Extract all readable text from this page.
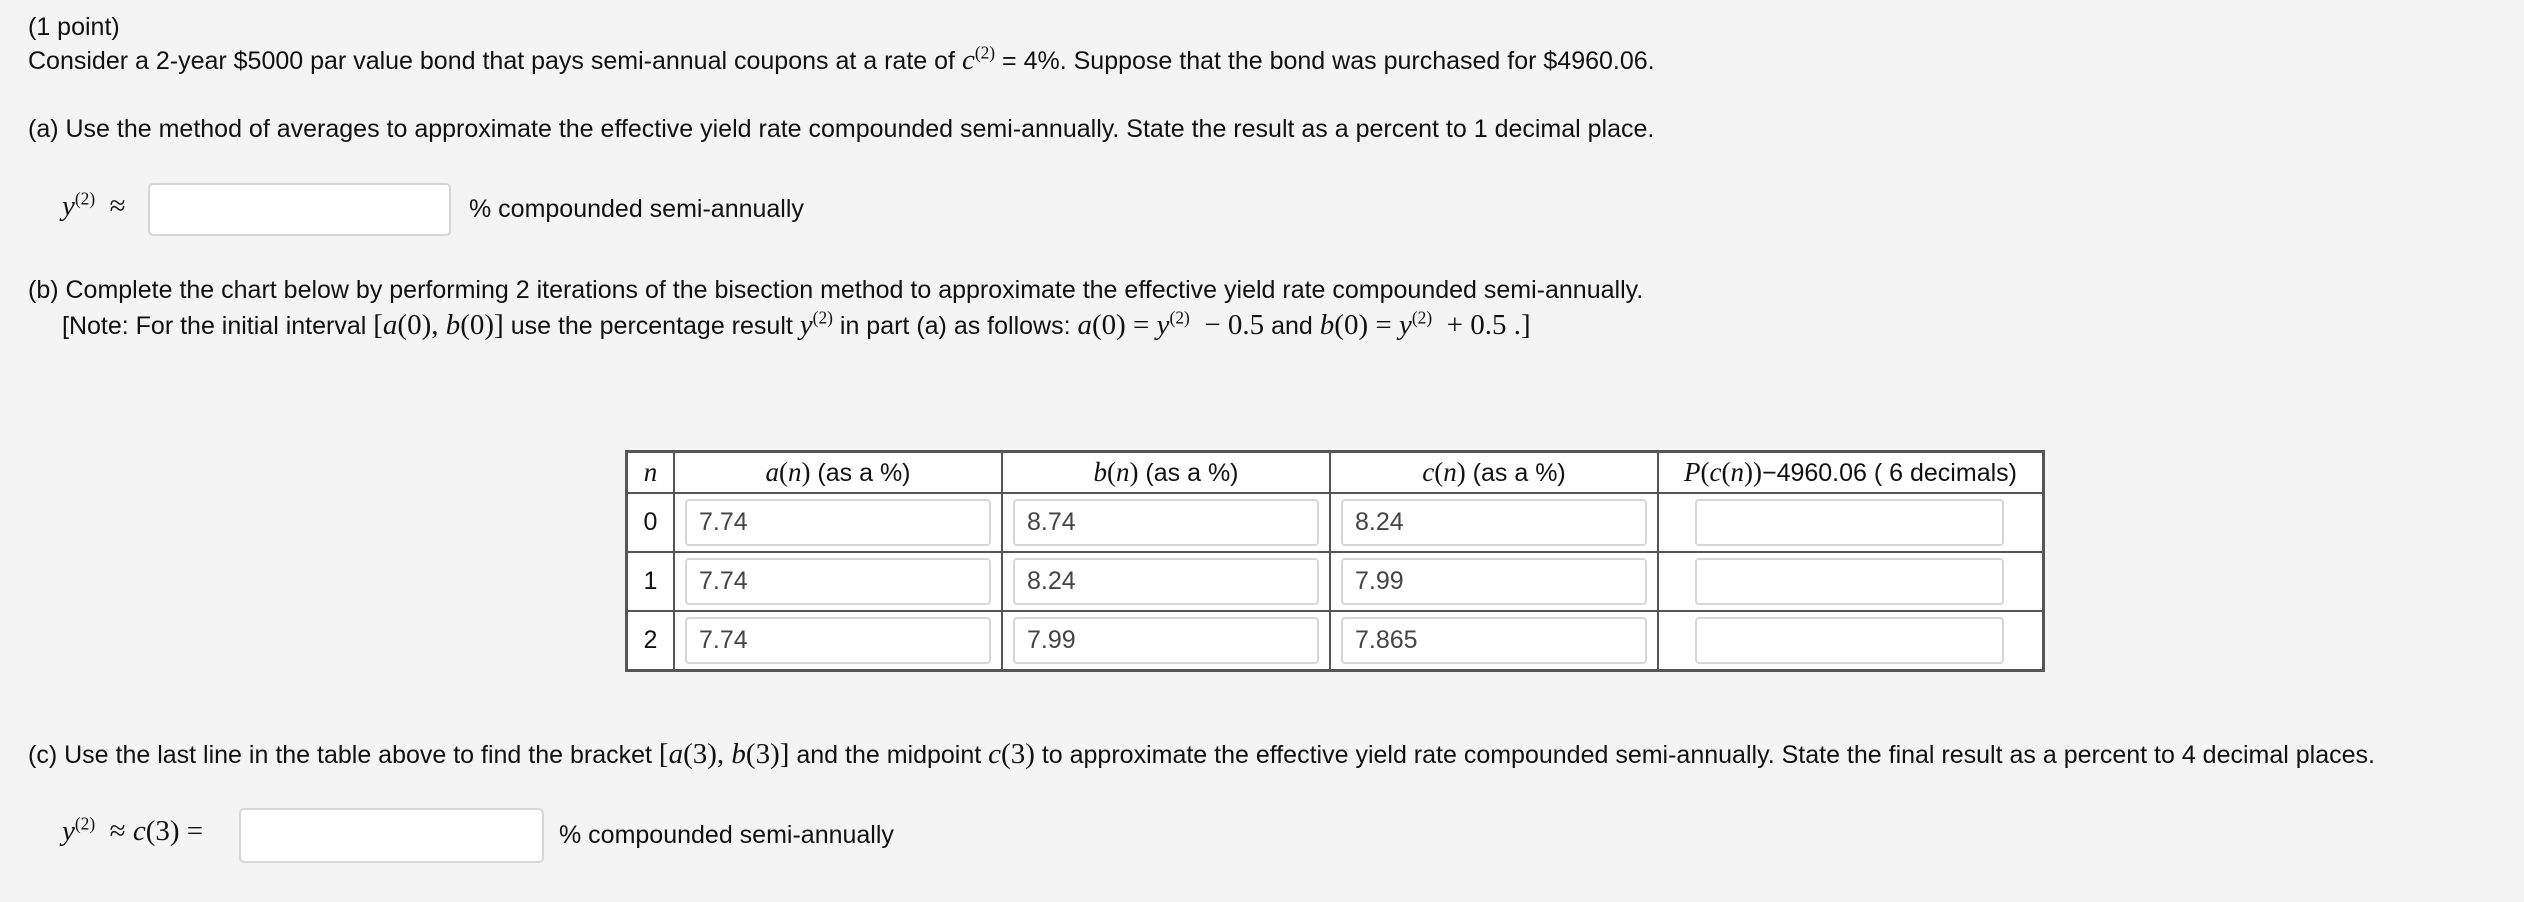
(1 point)
Consider a 2-year $5000 par value bond that pays semi-annual coupons at a rate of $c^{(2)} = 4\%$. Suppose that the bond was purchased for $4960.06.
(a) Use the method of averages to approximate the effective yield rate compounded semi-annually. State the result as a percent to 1 decimal place.
$y^{(2)}$  ≈	% compounded semi-annually
(b) Complete the chart below by performing 2 iterations of the bisection method to approximate the effective yield rate compounded semi-annually.
[Note: For the initial interval [a(0), b(0)] use the percentage result $y^{(2)}$ in part (a) as follows: $a(0) = y^{(2)} - 0.5$ and $b(0) = y^{(2)} + 0.5$ .]
n	a(n) (as a %)	b(n) (as a %)	c(n) (as a %)	P(c(n))−4960.06 ( 6 decimals)
0	7.74	8.74	8.24	

1	7.74	8.24	7.99	

2	7.74	7.99	7.865	

(c) Use the last line in the table above to find the bracket [a(3), b(3)] and the midpoint c(3) to approximate the effective yield rate compounded semi-annually. State the final result as a percent to 4 decimal places.
$y^{(2)} \approx c(3)$ =	% compounded semi-annually
